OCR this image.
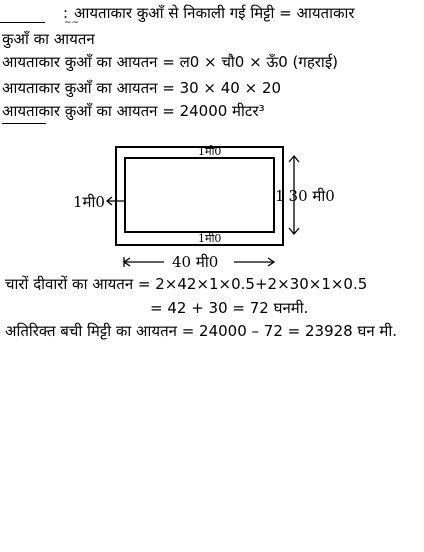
:
~~
आयताकार कुआँ से निकाली गई मिट्टी = आयताकार
कुआँ का आयतन
आयताकार कुआँ का आयतन = ल0 × चौ0 × ऊँ0 (गहराई)
आयताकार कुआँ का आयतन = 30 × 40 × 20
आयताकार क़ुआँ का आयतन = 24000 मीटर³
1मी0
1मी0
1मी0	1 30 मी0
40 मी0
चारों दीवारों का आयतन = 2×42×1×0.5+2×30×1×0.5
= 42 + 30 = 72 घनमी.
अतिरिक्त बची मिट्टी का आयतन = 24000 – 72 = 23928 घन मी.
